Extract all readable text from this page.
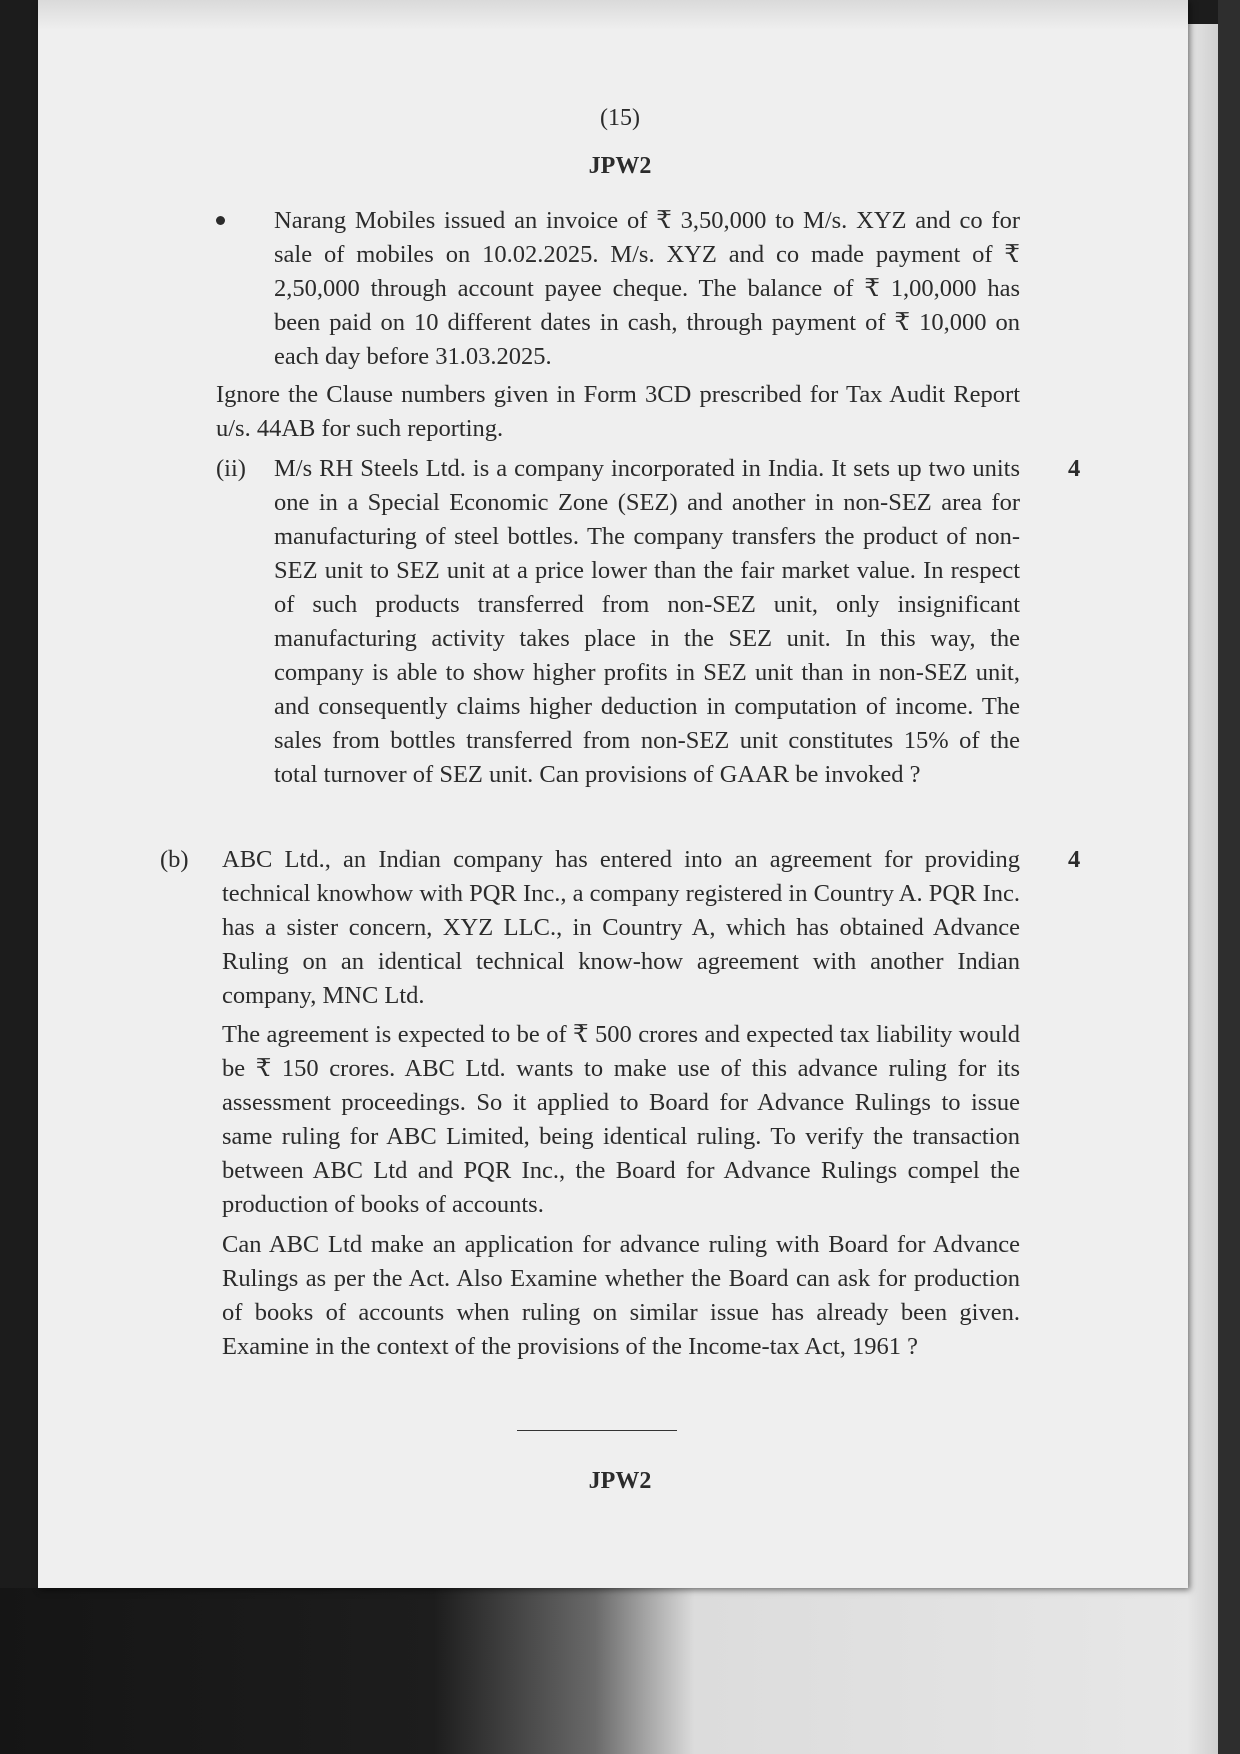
(15)
JPW2

Narang Mobiles issued an invoice of ₹ 3,50,000 to M/s. XYZ and co for sale of mobiles on 10.02.2025. M/s. XYZ and co made payment of ₹ 2,50,000 through account payee cheque. The balance of ₹ 1,00,000 has been paid on 10 different dates in cash, through payment of ₹ 10,000 on each day before 31.03.2025.

Ignore the Clause numbers given in Form 3CD prescribed for Tax Audit Report u/s. 44AB for such reporting.

(ii) M/s RH Steels Ltd. is a company incorporated in India. It sets up two units one in a Special Economic Zone (SEZ) and another in non-SEZ area for manufacturing of steel bottles. The company transfers the product of non-SEZ unit to SEZ unit at a price lower than the fair market value. In respect of such products transferred from non-SEZ unit, only insignificant manufacturing activity takes place in the SEZ unit. In this way, the company is able to show higher profits in SEZ unit than in non-SEZ unit, and consequently claims higher deduction in computation of income. The sales from bottles transferred from non-SEZ unit constitutes 15% of the total turnover of SEZ unit. Can provisions of GAAR be invoked ?

4
(b) ABC Ltd., an Indian company has entered into an agreement for providing technical knowhow with PQR Inc., a company registered in Country A. PQR Inc. has a sister concern, XYZ LLC., in Country A, which has obtained Advance Ruling on an identical technical know-how agreement with another Indian company, MNC Ltd.

4

The agreement is expected to be of ₹ 500 crores and expected tax liability would be ₹ 150 crores. ABC Ltd. wants to make use of this advance ruling for its assessment proceedings. So it applied to Board for Advance Rulings to issue same ruling for ABC Limited, being identical ruling. To verify the transaction between ABC Ltd and PQR Inc., the Board for Advance Rulings compel the production of books of accounts.

Can ABC Ltd make an application for advance ruling with Board for Advance Rulings as per the Act. Also Examine whether the Board can ask for production of books of accounts when ruling on similar issue has already been given. Examine in the context of the provisions of the Income-tax Act, 1961 ?

JPW2
